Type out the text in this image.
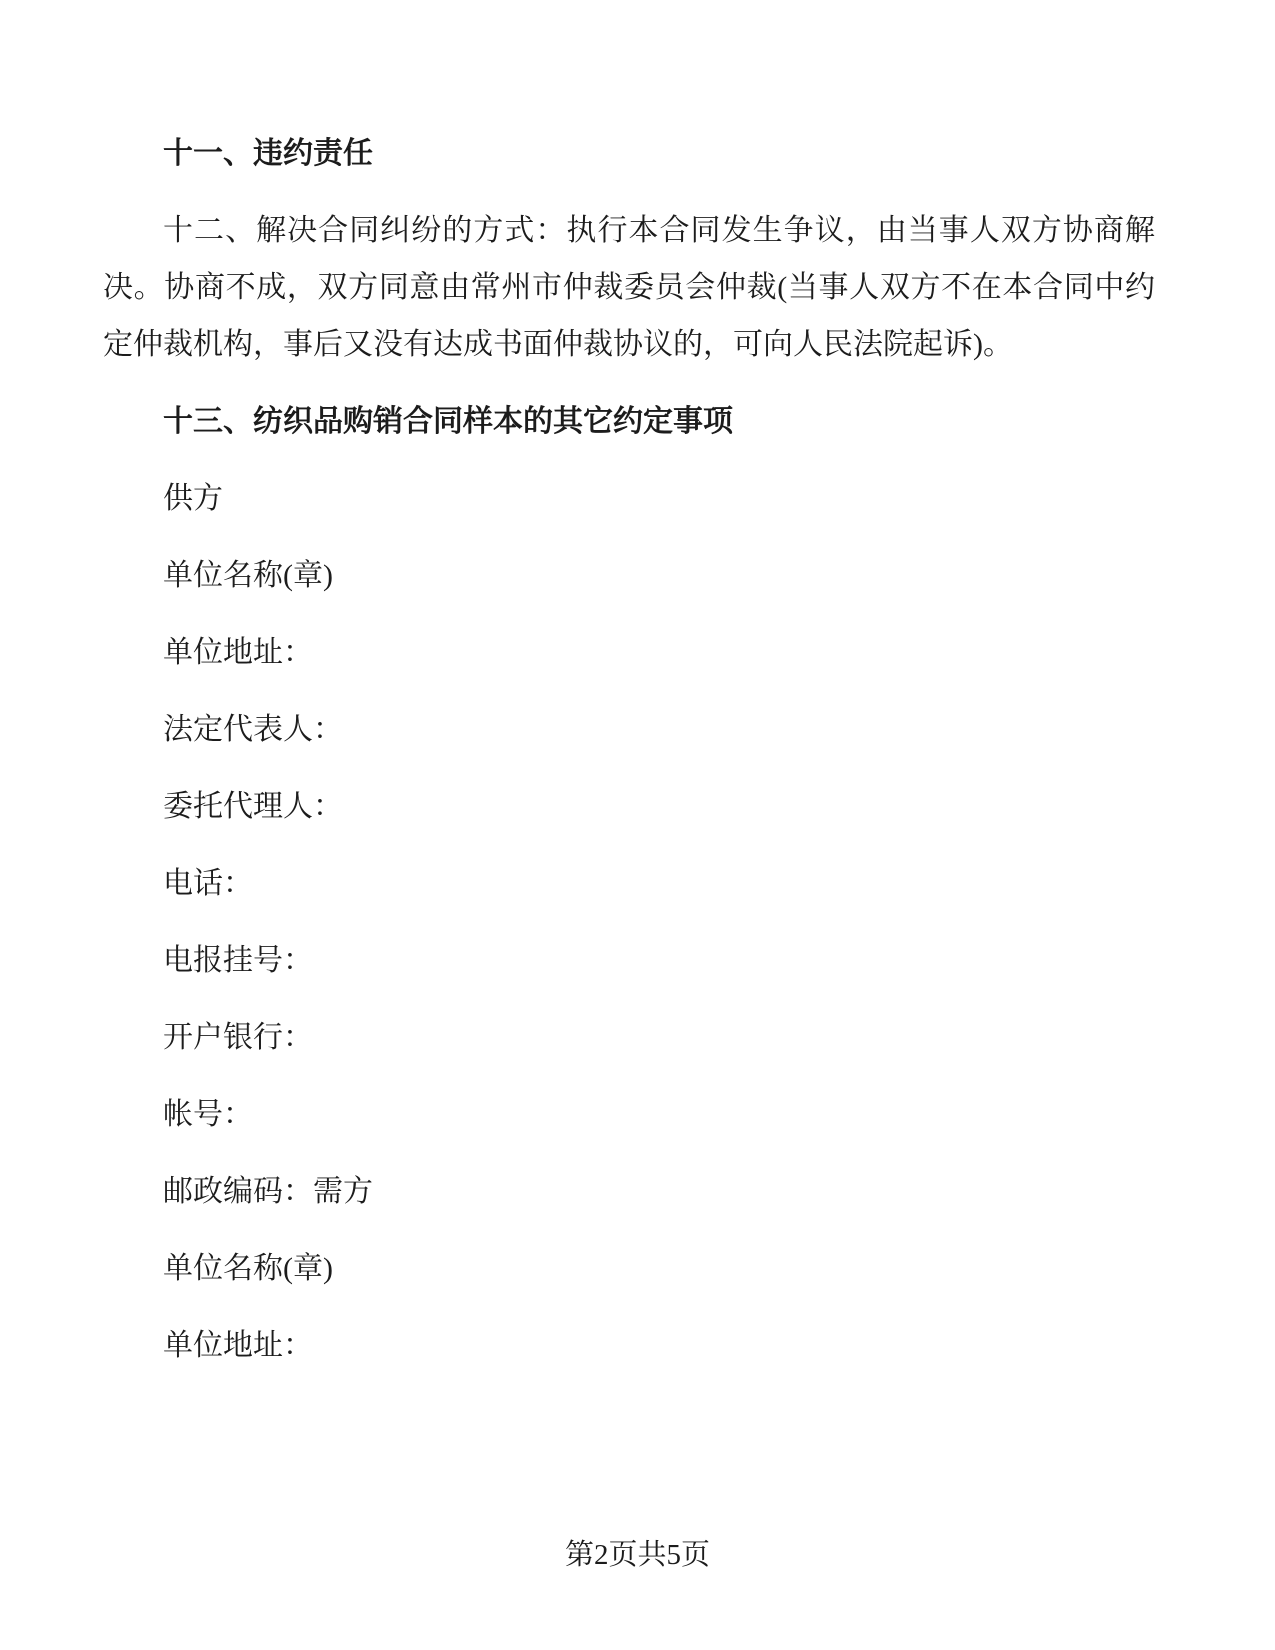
十一、违约责任

十二、解决合同纠纷的方式：执行本合同发生争议，由当事人双方协商解决。协商不成，双方同意由常州市仲裁委员会仲裁(当事人双方不在本合同中约定仲裁机构，事后又没有达成书面仲裁协议的，可向人民法院起诉)。

十三、纺织品购销合同样本的其它约定事项

供方

单位名称(章)

单位地址：

法定代表人：

委托代理人：

电话：

电报挂号：

开户银行：

帐号：

邮政编码：需方

单位名称(章)

单位地址：

第2页共5页
